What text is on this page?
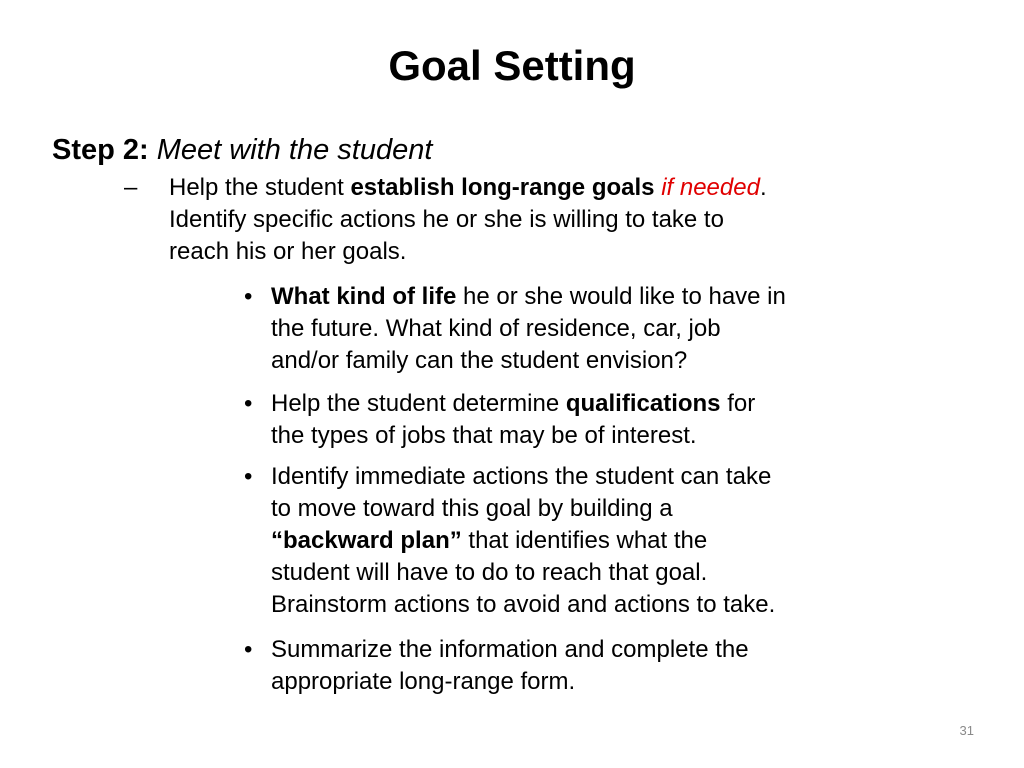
Goal Setting
Step 2: Meet with the student
–	Help the student establish long-range goals if needed.
Identify specific actions he or she is willing to take to
reach his or her goals.
• What kind of life he or she would like to have in
the future. What kind of residence, car, job
and/or family can the student envision?
• Help the student determine qualifications for
the types of jobs that may be of interest.
• Identify immediate actions the student can take
to move toward this goal by building a
“backward plan” that identifies what the
student will have to do to reach that goal.
Brainstorm actions to avoid and actions to take.
• Summarize the information and complete the
appropriate long-range form.
31
